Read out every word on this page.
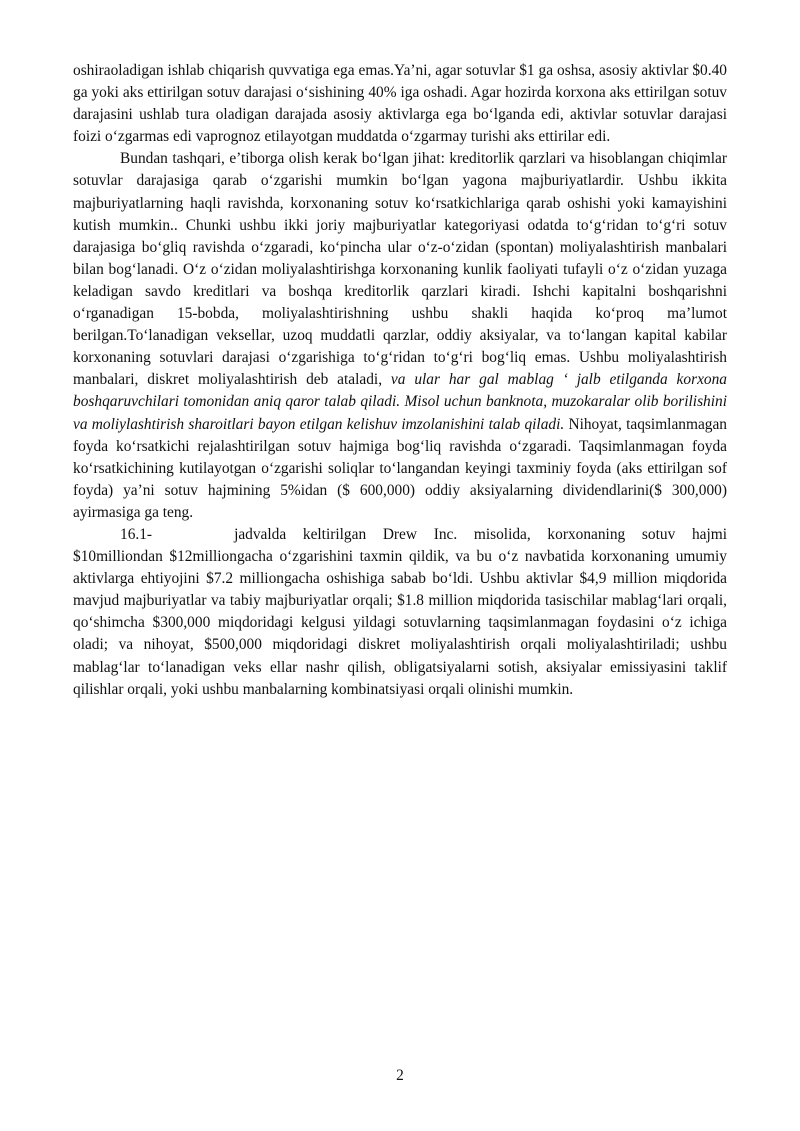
oshiraoladigan ishlab chiqarish quvvatiga ega emas.Ya’ni, agar sotuvlar $1 ga oshsa, asosiy aktivlar $0.40 ga yoki aks ettirilgan sotuv darajasi o‘sishining 40% iga oshadi. Agar hozirda korxona aks ettirilgan sotuv darajasini ushlab tura oladigan darajada asosiy aktivlarga ega bo‘lganda edi, aktivlar sotuvlar darajasi foizi o‘zgarmas edi vaprognoz etilayotgan muddatda o‘zgarmay turishi aks ettirilar edi.

Bundan tashqari, e’tiborga olish kerak bo‘lgan jihat: kreditorlik qarzlari va hisoblangan chiqimlar sotuvlar darajasiga qarab o‘zgarishi mumkin bo‘lgan yagona majburiyatlardir. Ushbu ikkita majburiyatlarning haqli ravishda, korxonaning sotuv ko‘rsatkichlariga qarab oshishi yoki kamayishini kutish mumkin.. Chunki ushbu ikki joriy majburiyatlar kategoriyasi odatda to‘g‘ridan to‘g‘ri sotuv darajasiga bo‘gliq ravishda o‘zgaradi, ko‘pincha ular o‘z-o‘zidan (spontan) moliyalashtirish manbalari bilan bog‘lanadi. O‘z o‘zidan moliyalashtirishga korxonaning kunlik faoliyati tufayli o‘z o‘zidan yuzaga keladigan savdo kreditlari va boshqa kreditorlik qarzlari kiradi. Ishchi kapitalni boshqarishni o‘rganadigan 15-bobda, moliyalashtirishning ushbu shakli haqida ko‘proq ma’lumot berilgan.To‘lanadigan veksellar, uzoq muddatli qarzlar, oddiy aksiyalar, va to‘langan kapital kabilar korxonaning sotuvlari darajasi o‘zgarishiga to‘g‘ridan to‘g‘ri bog‘liq emas. Ushbu moliyalashtirish manbalari, diskret moliyalashtirish deb ataladi, va ular har gal mablag ‘ jalb etilganda korxona boshqaruvchilari tomonidan aniq qaror talab qiladi. Misol uchun banknota, muzokaralar olib borilishini va moliylashtirish sharoitlari bayon etilgan kelishuv imzolanishini talab qiladi. Nihoyat, taqsimlanmagan foyda ko‘rsatkichi rejalashtirilgan sotuv hajmiga bog‘liq ravishda o‘zgaradi. Taqsimlanmagan foyda ko‘rsatkichining kutilayotgan o‘zgarishi soliqlar to‘langandan keyingi taxminiy foyda (aks ettirilgan sof foyda) ya’ni sotuv hajmining 5%idan ($ 600,000) oddiy aksiyalarning dividendlarini($ 300,000) ayirmasiga ga teng.

16.1-	jadvalda keltirilgan Drew Inc. misolida, korxonaning sotuv hajmi $10milliondan $12milliongacha o‘zgarishini taxmin qildik, va bu o‘z navbatida korxonaning umumiy aktivlarga ehtiyojini $7.2 milliongacha oshishiga sabab bo‘ldi. Ushbu aktivlar $4,9 million miqdorida mavjud majburiyatlar va tabiy majburiyatlar orqali; $1.8 million miqdorida tasischilar mablag‘lari orqali, qo‘shimcha $300,000 miqdoridagi kelgusi yildagi sotuvlarning taqsimlanmagan foydasini o‘z ichiga oladi; va nihoyat, $500,000 miqdoridagi diskret moliyalashtirish orqali moliyalashtiriladi; ushbu mablag‘lar to‘lanadigan veks ellar nashr qilish, obligatsiyalarni sotish, aksiyalar emissiyasini taklif qilishlar orqali, yoki ushbu manbalarning kombinatsiyasi orqali olinishi mumkin.

2
